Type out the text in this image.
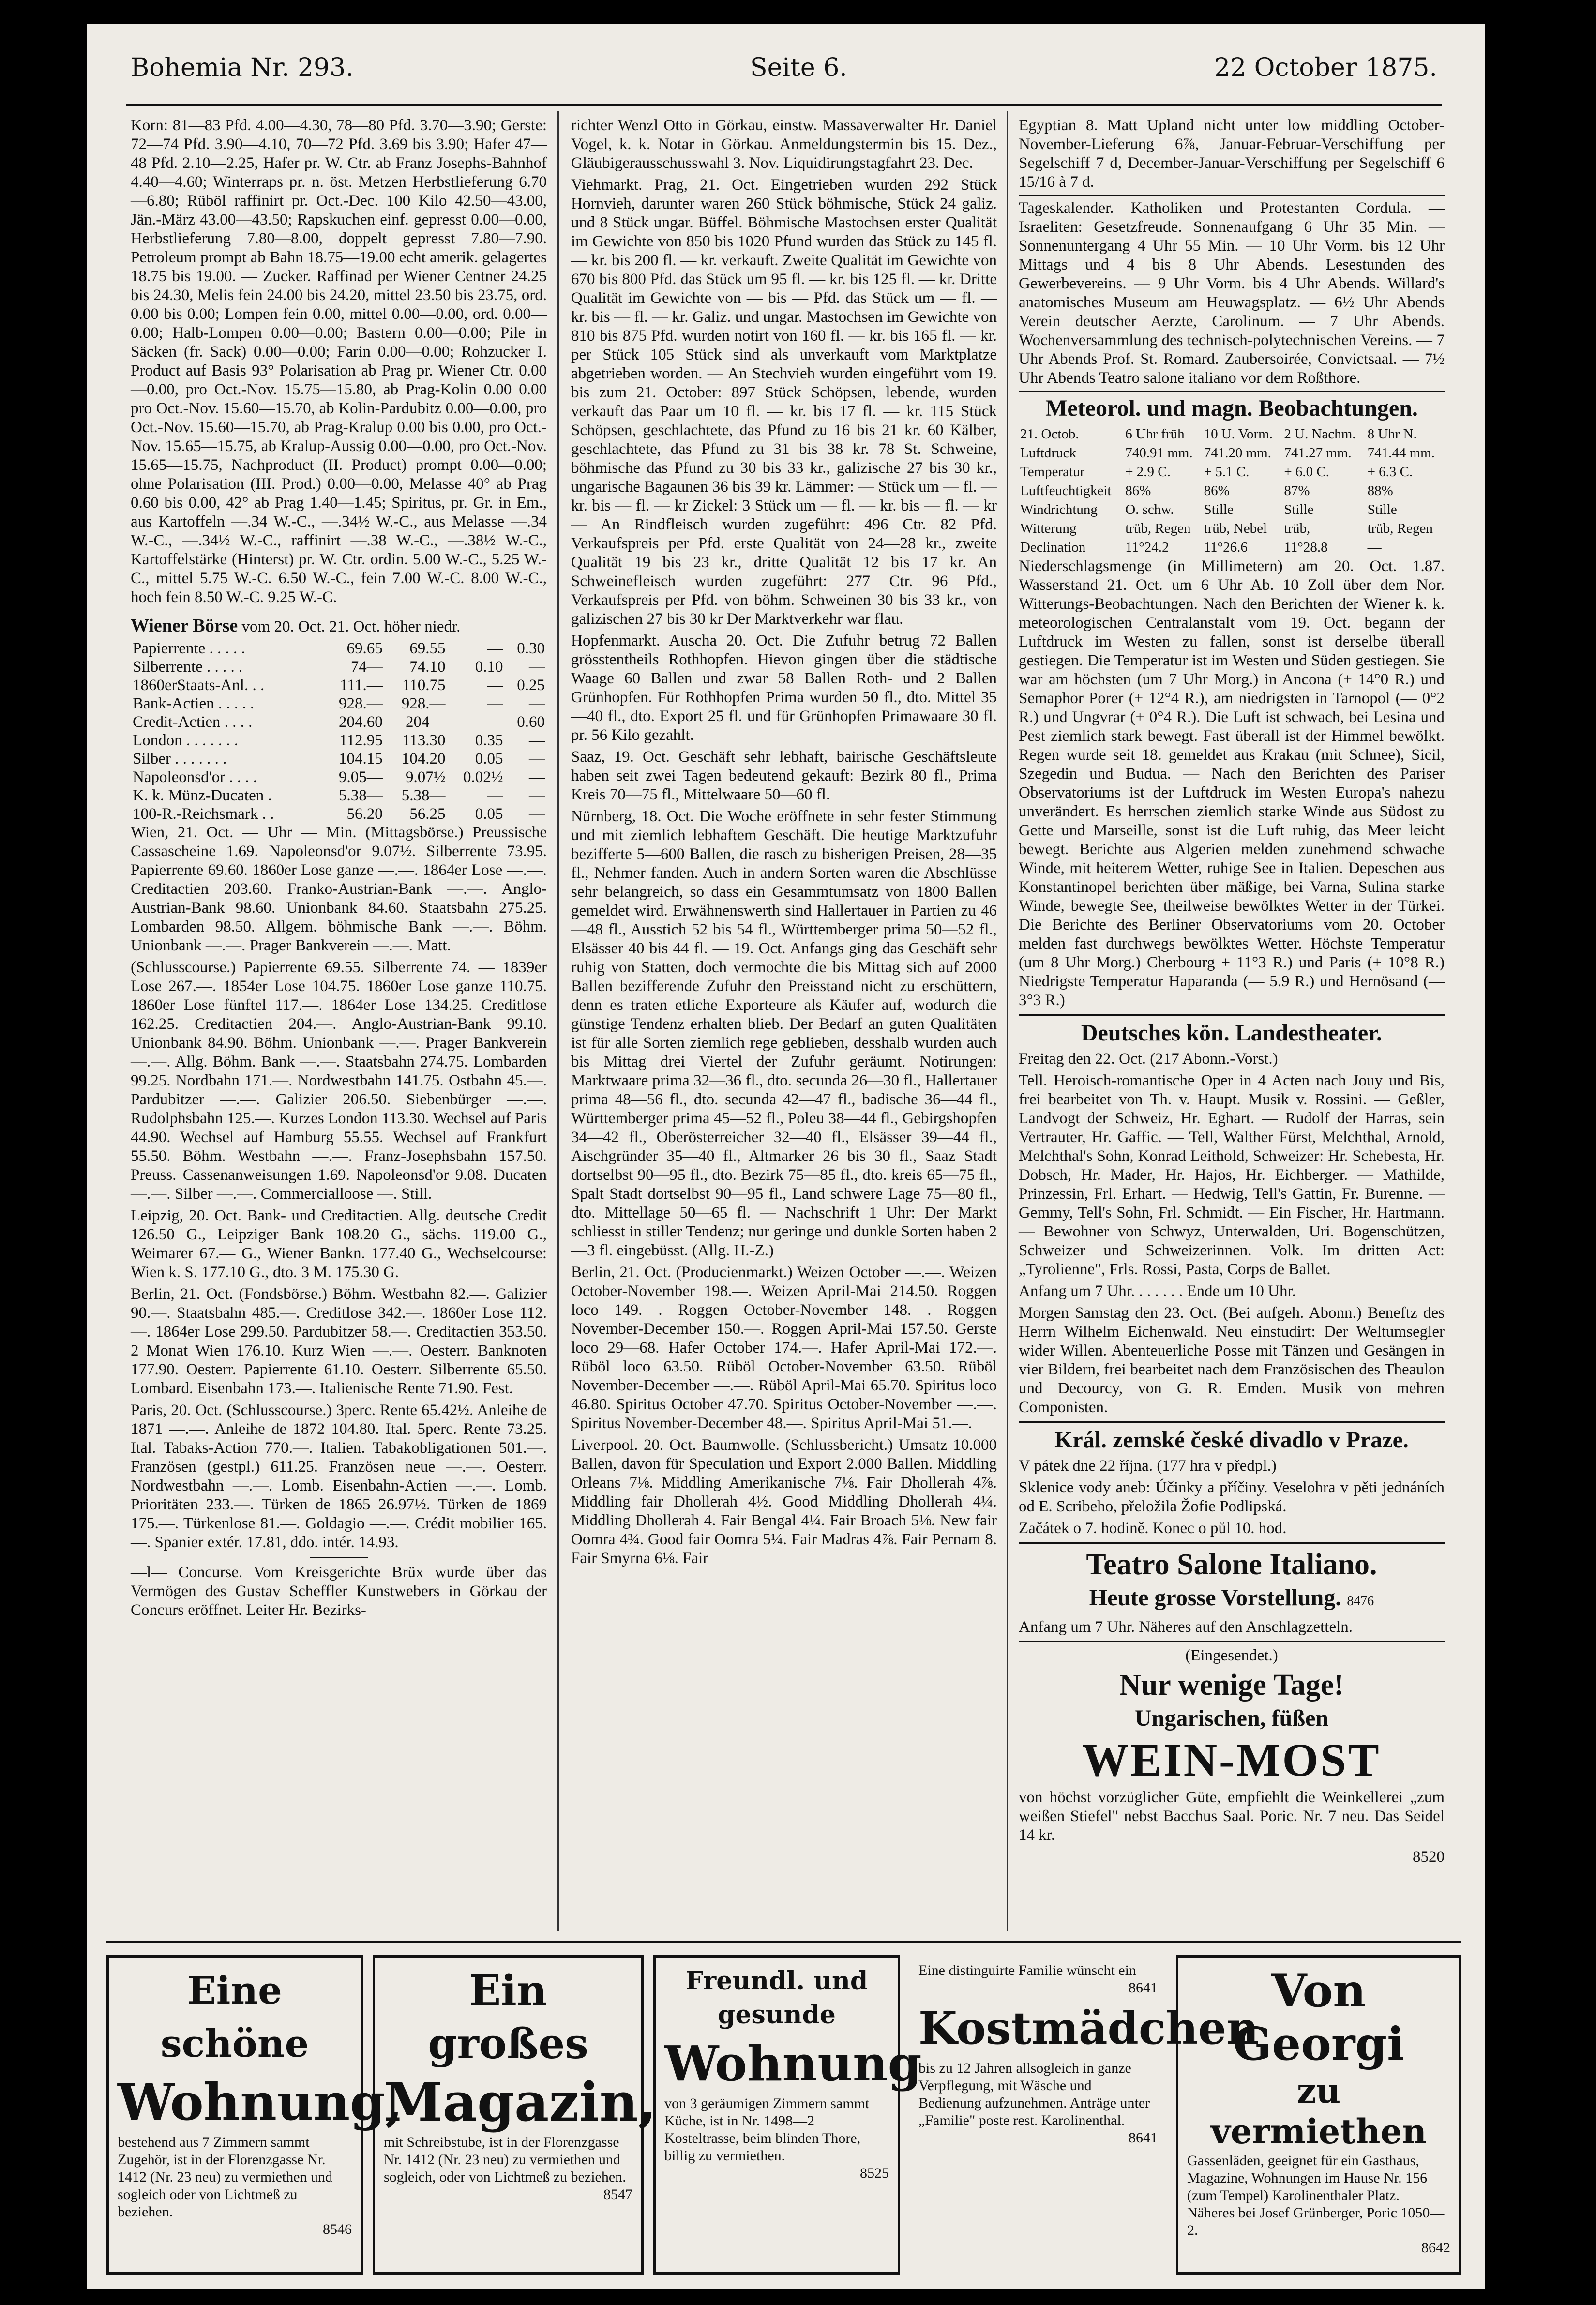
Bohemia Nr. 293.	Seite 6.	22 October 1875.

Korn: 81—83 Pfd. 4.00—4.30, 78—80 Pfd. 3.70—3.90; Gerste: 72—74 Pfd. 3.90—4.10, 70—72 Pfd. 3.69 bis 3.90; Hafer 47—48 Pfd. 2.10—2.25, Hafer pr. W. Ctr. ab Franz Josephs-Bahnhof 4.40—4.60; Winterraps pr. n. öst. Metzen Herbstlieferung 6.70—6.80; Rüböl raffinirt pr. Oct.-Dec. 100 Kilo 42.50—43.00, Jän.-März 43.00—43.50; Rapskuchen einf. gepresst 0.00—0.00, Herbstlieferung 7.80—8.00, doppelt gepresst 7.80—7.90. Petroleum prompt ab Bahn 18.75—19.00 echt amerik. gelagertes 18.75 bis 19.00. — Zucker. Raffinad per Wiener Centner 24.25 bis 24.30, Melis fein 24.00 bis 24.20, mittel 23.50 bis 23.75, ord. 0.00 bis 0.00; Lompen fein 0.00, mittel 0.00—0.00, ord. 0.00—0.00; Halb-Lompen 0.00—0.00; Bastern 0.00—0.00; Pile in Säcken (fr. Sack) 0.00—0.00; Farin 0.00—0.00; Rohzucker I. Product auf Basis 93° Polarisation ab Prag pr. Wiener Ctr. 0.00—0.00, pro Oct.-Nov. 15.75—15.80, ab Prag-Kolin 0.00 0.00 pro Oct.-Nov. 15.60—15.70, ab Kolin-Pardubitz 0.00—0.00, pro Oct.-Nov. 15.60—15.70, ab Prag-Kralup 0.00 bis 0.00, pro Oct.-Nov. 15.65—15.75, ab Kralup-Aussig 0.00—0.00, pro Oct.-Nov. 15.65—15.75, Nachproduct (II. Product) prompt 0.00—0.00; ohne Polarisation (III. Prod.) 0.00—0.00, Melasse 40° ab Prag 0.60 bis 0.00, 42° ab Prag 1.40—1.45; Spiritus, pr. Gr. in Em., aus Kartoffeln —.34 W.-C., —.34½ W.-C., aus Melasse —.34 W.-C., —.34½ W.-C., raffinirt —.38 W.-C., —.38½ W.-C., Kartoffelstärke (Hinterst) pr. W. Ctr. ordin. 5.00 W.-C., 5.25 W.-C., mittel 5.75 W.-C. 6.50 W.-C., fein 7.00 W.-C. 8.00 W.-C., hoch fein 8.50 W.-C. 9.25 W.-C.

Wiener Börse vom 20. Oct. 21. Oct. höher niedr.

Papierrente . . . . .	69.65	69.55	—	0.30
Silberrente . . . . .	74—	74.10	0.10	—
1860erStaats-Anl. . .	111.—	110.75	—	0.25
Bank-Actien . . . . .	928.—	928.—	—	—
Credit-Actien . . . .	204.60	204—	—	0.60
London . . . . . . .	112.95	113.30	0.35	—
Silber . . . . . . .	104.15	104.20	0.05	—
Napoleonsd'or . . . .	9.05—	9.07½	0.02½	—
K. k. Münz-Ducaten .	5.38—	5.38—	—	—
100-R.-Reichsmark . .	56.20	56.25	0.05	—

Wien, 21. Oct. — Uhr — Min. (Mittagsbörse.) Preussische Cassascheine 1.69. Napoleonsd'or 9.07½. Silberrente 73.95. Papierrente 69.60. 1860er Lose ganze —.—. 1864er Lose —.—. Creditactien 203.60. Franko-Austrian-Bank —.—. Anglo-Austrian-Bank 98.60. Unionbank 84.60. Staatsbahn 275.25. Lombarden 98.50. Allgem. böhmische Bank —.—. Böhm. Unionbank —.—. Prager Bankverein —.—. Matt.

(Schlusscourse.) Papierrente 69.55. Silberrente 74. — 1839er Lose 267.—. 1854er Lose 104.75. 1860er Lose ganze 110.75. 1860er Lose fünftel 117.—. 1864er Lose 134.25. Creditlose 162.25. Creditactien 204.—. Anglo-Austrian-Bank 99.10. Unionbank 84.90. Böhm. Unionbank —.—. Prager Bankverein —.—. Allg. Böhm. Bank —.—. Staatsbahn 274.75. Lombarden 99.25. Nordbahn 171.—. Nordwestbahn 141.75. Ostbahn 45.—. Pardubitzer —.—. Galizier 206.50. Siebenbürger —.—. Rudolphsbahn 125.—. Kurzes London 113.30. Wechsel auf Paris 44.90. Wechsel auf Hamburg 55.55. Wechsel auf Frankfurt 55.50. Böhm. Westbahn —.—. Franz-Josephsbahn 157.50. Preuss. Cassenanweisungen 1.69. Napoleonsd'or 9.08. Ducaten —.—. Silber —.—. Commercialloose —. Still.

Leipzig, 20. Oct. Bank- und Creditactien. Allg. deutsche Credit 126.50 G., Leipziger Bank 108.20 G., sächs. 119.00 G., Weimarer 67.— G., Wiener Bankn. 177.40 G., Wechselcourse: Wien k. S. 177.10 G., dto. 3 M. 175.30 G.

Berlin, 21. Oct. (Fondsbörse.) Böhm. Westbahn 82.—. Galizier 90.—. Staatsbahn 485.—. Creditlose 342.—. 1860er Lose 112.—. 1864er Lose 299.50. Pardubitzer 58.—. Creditactien 353.50. 2 Monat Wien 176.10. Kurz Wien —.—. Oesterr. Banknoten 177.90. Oesterr. Papierrente 61.10. Oesterr. Silberrente 65.50. Lombard. Eisenbahn 173.—. Italienische Rente 71.90. Fest.

Paris, 20. Oct. (Schlusscourse.) 3perc. Rente 65.42½. Anleihe de 1871 —.—. Anleihe de 1872 104.80. Ital. 5perc. Rente 73.25. Ital. Tabaks-Action 770.—. Italien. Tabakobligationen 501.—. Französen (gestpl.) 611.25. Französen neue —.—. Oesterr. Nordwestbahn —.—. Lomb. Eisenbahn-Actien —.—. Lomb. Prioritäten 233.—. Türken de 1865 26.97½. Türken de 1869 175.—. Türkenlose 81.—. Goldagio —.—. Crédit mobilier 165.—. Spanier extér. 17.81, ddo. intér. 14.93.

—l— Concurse. Vom Kreisgerichte Brüx wurde über das Vermögen des Gustav Scheffler Kunstwebers in Görkau der Concurs eröffnet. Leiter Hr. Bezirks-

richter Wenzl Otto in Görkau, einstw. Massaverwalter Hr. Daniel Vogel, k. k. Notar in Görkau. Anmeldungstermin bis 15. Dez., Gläubigerausschusswahl 3. Nov. Liquidirungstagfahrt 23. Dec.

Viehmarkt. Prag, 21. Oct. Eingetrieben wurden 292 Stück Hornvieh, darunter waren 260 Stück böhmische, Stück 24 galiz. und 8 Stück ungar. Büffel. Böhmische Mastochsen erster Qualität im Gewichte von 850 bis 1020 Pfund wurden das Stück zu 145 fl. — kr. bis 200 fl. — kr. verkauft. Zweite Qualität im Gewichte von 670 bis 800 Pfd. das Stück um 95 fl. — kr. bis 125 fl. — kr. Dritte Qualität im Gewichte von — bis — Pfd. das Stück um — fl. — kr. bis — fl. — kr. Galiz. und ungar. Mastochsen im Gewichte von 810 bis 875 Pfd. wurden notirt von 160 fl. — kr. bis 165 fl. — kr. per Stück 105 Stück sind als unverkauft vom Marktplatze abgetrieben worden. — An Stechvieh wurden eingeführt vom 19. bis zum 21. October: 897 Stück Schöpsen, lebende, wurden verkauft das Paar um 10 fl. — kr. bis 17 fl. — kr. 115 Stück Schöpsen, geschlachtete, das Pfund zu 16 bis 21 kr. 60 Kälber, geschlachtete, das Pfund zu 31 bis 38 kr. 78 St. Schweine, böhmische das Pfund zu 30 bis 33 kr., galizische 27 bis 30 kr., ungarische Bagaunen 36 bis 39 kr. Lämmer: — Stück um — fl. — kr. bis — fl. — kr Zickel: 3 Stück um — fl. — kr. bis — fl. — kr — An Rindfleisch wurden zugeführt: 496 Ctr. 82 Pfd. Verkaufspreis per Pfd. erste Qualität von 24—28 kr., zweite Qualität 19 bis 23 kr., dritte Qualität 12 bis 17 kr. An Schweinefleisch wurden zugeführt: 277 Ctr. 96 Pfd., Verkaufspreis per Pfd. von böhm. Schweinen 30 bis 33 kr., von galizischen 27 bis 30 kr Der Marktverkehr war flau.

Hopfenmarkt. Auscha 20. Oct. Die Zufuhr betrug 72 Ballen grösstentheils Rothhopfen. Hievon gingen über die städtische Waage 60 Ballen und zwar 58 Ballen Roth- und 2 Ballen Grünhopfen. Für Rothhopfen Prima wurden 50 fl., dto. Mittel 35—40 fl., dto. Export 25 fl. und für Grünhopfen Primawaare 30 fl. pr. 56 Kilo gezahlt.

Saaz, 19. Oct. Geschäft sehr lebhaft, bairische Geschäftsleute haben seit zwei Tagen bedeutend gekauft: Bezirk 80 fl., Prima Kreis 70—75 fl., Mittelwaare 50—60 fl.

Nürnberg, 18. Oct. Die Woche eröffnete in sehr fester Stimmung und mit ziemlich lebhaftem Geschäft. Die heutige Marktzufuhr bezifferte 5—600 Ballen, die rasch zu bisherigen Preisen, 28—35 fl., Nehmer fanden. Auch in andern Sorten waren die Abschlüsse sehr belangreich, so dass ein Gesammtumsatz von 1800 Ballen gemeldet wird. Erwähnenswerth sind Hallertauer in Partien zu 46—48 fl., Ausstich 52 bis 54 fl., Württemberger prima 50—52 fl., Elsässer 40 bis 44 fl. — 19. Oct. Anfangs ging das Geschäft sehr ruhig von Statten, doch vermochte die bis Mittag sich auf 2000 Ballen bezifferende Zufuhr den Preisstand nicht zu erschüttern, denn es traten etliche Exporteure als Käufer auf, wodurch die günstige Tendenz erhalten blieb. Der Bedarf an guten Qualitäten ist für alle Sorten ziemlich rege geblieben, desshalb wurden auch bis Mittag drei Viertel der Zufuhr geräumt. Notirungen: Marktwaare prima 32—36 fl., dto. secunda 26—30 fl., Hallertauer prima 48—56 fl., dto. secunda 42—47 fl., badische 36—44 fl., Württemberger prima 45—52 fl., Poleu 38—44 fl., Gebirgshopfen 34—42 fl., Oberösterreicher 32—40 fl., Elsässer 39—44 fl., Aischgründer 35—40 fl., Altmarker 26 bis 30 fl., Saaz Stadt dortselbst 90—95 fl., dto. Bezirk 75—85 fl., dto. kreis 65—75 fl., Spalt Stadt dortselbst 90—95 fl., Land schwere Lage 75—80 fl., dto. Mittellage 50—65 fl. — Nachschrift 1 Uhr: Der Markt schliesst in stiller Tendenz; nur geringe und dunkle Sorten haben 2—3 fl. eingebüsst. (Allg. H.-Z.)

Berlin, 21. Oct. (Producienmarkt.) Weizen October —.—. Weizen October-November 198.—. Weizen April-Mai 214.50. Roggen loco 149.—. Roggen October-November 148.—. Roggen November-December 150.—. Roggen April-Mai 157.50. Gerste loco 29—68. Hafer October 174.—. Hafer April-Mai 172.—. Rüböl loco 63.50. Rüböl October-November 63.50. Rüböl November-December —.—. Rüböl April-Mai 65.70. Spiritus loco 46.80. Spiritus October 47.70. Spiritus October-November —.—. Spiritus November-December 48.—. Spiritus April-Mai 51.—.

Liverpool. 20. Oct. Baumwolle. (Schlussbericht.) Umsatz 10.000 Ballen, davon für Speculation und Export 2.000 Ballen. Middling Orleans 7⅛. Middling Amerikanische 7⅛. Fair Dhollerah 4⅞. Middling fair Dhollerah 4½. Good Middling Dhollerah 4¼. Middling Dhollerah 4. Fair Bengal 4¼. Fair Broach 5⅛. New fair Oomra 4¾. Good fair Oomra 5¼. Fair Madras 4⅞. Fair Pernam 8. Fair Smyrna 6⅛. Fair

Egyptian 8. Matt Upland nicht unter low middling October-November-Lieferung 6⅞, Januar-Februar-Verschiffung per Segelschiff 7 d, December-Januar-Verschiffung per Segelschiff 6 15/16 à 7 d.

Tageskalender. Katholiken und Protestanten Cordula. — Israeliten: Gesetzfreude. Sonnenaufgang 6 Uhr 35 Min. — Sonnenuntergang 4 Uhr 55 Min. — 10 Uhr Vorm. bis 12 Uhr Mittags und 4 bis 8 Uhr Abends. Lesestunden des Gewerbevereins. — 9 Uhr Vorm. bis 4 Uhr Abends. Willard's anatomisches Museum am Heuwagsplatz. — 6½ Uhr Abends Verein deutscher Aerzte, Carolinum. — 7 Uhr Abends. Wochenversammlung des technisch-polytechnischen Vereins. — 7 Uhr Abends Prof. St. Romard. Zaubersoirée, Convictsaal. — 7½ Uhr Abends Teatro salone italiano vor dem Roßthore.

Meteorol. und magn. Beobachtungen.

21. Octob.	6 Uhr früh	10 U. Vorm.	2 U. Nachm.	8 Uhr N.
Luftdruck	740.91 mm.	741.20 mm.	741.27 mm.	741.44 mm.
Temperatur	+ 2.9 C.	+ 5.1 C.	+ 6.0 C.	+ 6.3 C.
Luftfeuchtigkeit	86%	86%	87%	88%
Windrichtung	O. schw.	Stille	Stille	Stille
Witterung	trüb, Regen	trüb, Nebel	trüb,	trüb, Regen
Declination	11°24.2	11°26.6	11°28.8	—

Niederschlagsmenge (in Millimetern) am 20. Oct. 1.87. Wasserstand 21. Oct. um 6 Uhr Ab. 10 Zoll über dem Nor. Witterungs-Beobachtungen. Nach den Berichten der Wiener k. k. meteorologischen Centralanstalt vom 19. Oct. begann der Luftdruck im Westen zu fallen, sonst ist derselbe überall gestiegen. Die Temperatur ist im Westen und Süden gestiegen. Sie war am höchsten (um 7 Uhr Morg.) in Ancona (+ 14°0 R.) und Semaphor Porer (+ 12°4 R.), am niedrigsten in Tarnopol (— 0°2 R.) und Ungvrar (+ 0°4 R.). Die Luft ist schwach, bei Lesina und Pest ziemlich stark bewegt. Fast überall ist der Himmel bewölkt. Regen wurde seit 18. gemeldet aus Krakau (mit Schnee), Sicil, Szegedin und Budua. — Nach den Berichten des Pariser Observatoriums ist der Luftdruck im Westen Europa's nahezu unverändert. Es herrschen ziemlich starke Winde aus Südost zu Gette und Marseille, sonst ist die Luft ruhig, das Meer leicht bewegt. Berichte aus Algerien melden zunehmend schwache Winde, mit heiterem Wetter, ruhige See in Italien. Depeschen aus Konstantinopel berichten über mäßige, bei Varna, Sulina starke Winde, bewegte See, theilweise bewölktes Wetter in der Türkei. Die Berichte des Berliner Observatoriums vom 20. October melden fast durchwegs bewölktes Wetter. Höchste Temperatur (um 8 Uhr Morg.) Cherbourg + 11°3 R.) und Paris (+ 10°8 R.) Niedrigste Temperatur Haparanda (— 5.9 R.) und Hernösand (— 3°3 R.)

Deutsches kön. Landestheater.

Freitag den 22. Oct. (217 Abonn.-Vorst.)

Tell. Heroisch-romantische Oper in 4 Acten nach Jouy und Bis, frei bearbeitet von Th. v. Haupt. Musik v. Rossini. — Geßler, Landvogt der Schweiz, Hr. Eghart. — Rudolf der Harras, sein Vertrauter, Hr. Gaffic. — Tell, Walther Fürst, Melchthal, Arnold, Melchthal's Sohn, Konrad Leithold, Schweizer: Hr. Schebesta, Hr. Dobsch, Hr. Mader, Hr. Hajos, Hr. Eichberger. — Mathilde, Prinzessin, Frl. Erhart. — Hedwig, Tell's Gattin, Fr. Burenne. — Gemmy, Tell's Sohn, Frl. Schmidt. — Ein Fischer, Hr. Hartmann. — Bewohner von Schwyz, Unterwalden, Uri. Bogenschützen, Schweizer und Schweizerinnen. Volk. Im dritten Act: „Tyrolienne", Frls. Rossi, Pasta, Corps de Ballet.

Anfang um 7 Uhr. . . . . . . Ende um 10 Uhr.

Morgen Samstag den 23. Oct. (Bei aufgeh. Abonn.) Beneftz des Herrn Wilhelm Eichenwald. Neu einstudirt: Der Weltumsegler wider Willen. Abenteuerliche Posse mit Tänzen und Gesängen in vier Bildern, frei bearbeitet nach dem Französischen des Theaulon und Decourcy, von G. R. Emden. Musik von mehren Componisten.

Král. zemské české divadlo v Praze.

V pátek dne 22 října. (177 hra v předpl.)

Sklenice vody aneb: Účinky a příčiny. Veselohra v pěti jednáních od E. Scribeho, přeložila Žofie Podlipská.

Začátek o 7. hodině. Konec o půl 10. hod.

Teatro Salone Italiano.

Heute grosse Vorstellung. 8476

Anfang um 7 Uhr. Näheres auf den Anschlagzetteln.

(Eingesendet.)

Nur wenige Tage!

Ungarischen, füßen

WEIN-MOST

von höchst vorzüglicher Güte, empfiehlt die Weinkellerei „zum weißen Stiefel" nebst Bacchus Saal. Poric. Nr. 7 neu. Das Seidel 14 kr.

8520

Eine schöne
Wohnung,
bestehend aus 7 Zimmern sammt Zugehör, ist in der Florenzgasse Nr. 1412 (Nr. 23 neu) zu vermiethen und sogleich oder von Lichtmeß zu beziehen.
8546
Ein großes
Magazin,
mit Schreibstube, ist in der Florenzgasse Nr. 1412 (Nr. 23 neu) zu vermiethen und sogleich, oder von Lichtmeß zu beziehen.
8547
Freundl. und gesunde
Wohnung
von 3 geräumigen Zimmern sammt Küche, ist in Nr. 1498—2 Kosteltrasse, beim blinden Thore, billig zu vermiethen.
8525
Eine distinguirte Familie wünscht ein
8641
Kostmädchen
bis zu 12 Jahren allsogleich in ganze Verpflegung, mit Wäsche und Bedienung aufzunehmen. Anträge unter „Familie" poste rest. Karolinenthal.
8641
Von Georgi
zu vermiethen
Gassenläden, geeignet für ein Gasthaus, Magazine, Wohnungen im Hause Nr. 156 (zum Tempel) Karolinenthaler Platz. Näheres bei Josef Grünberger, Poric 1050—2.
8642
